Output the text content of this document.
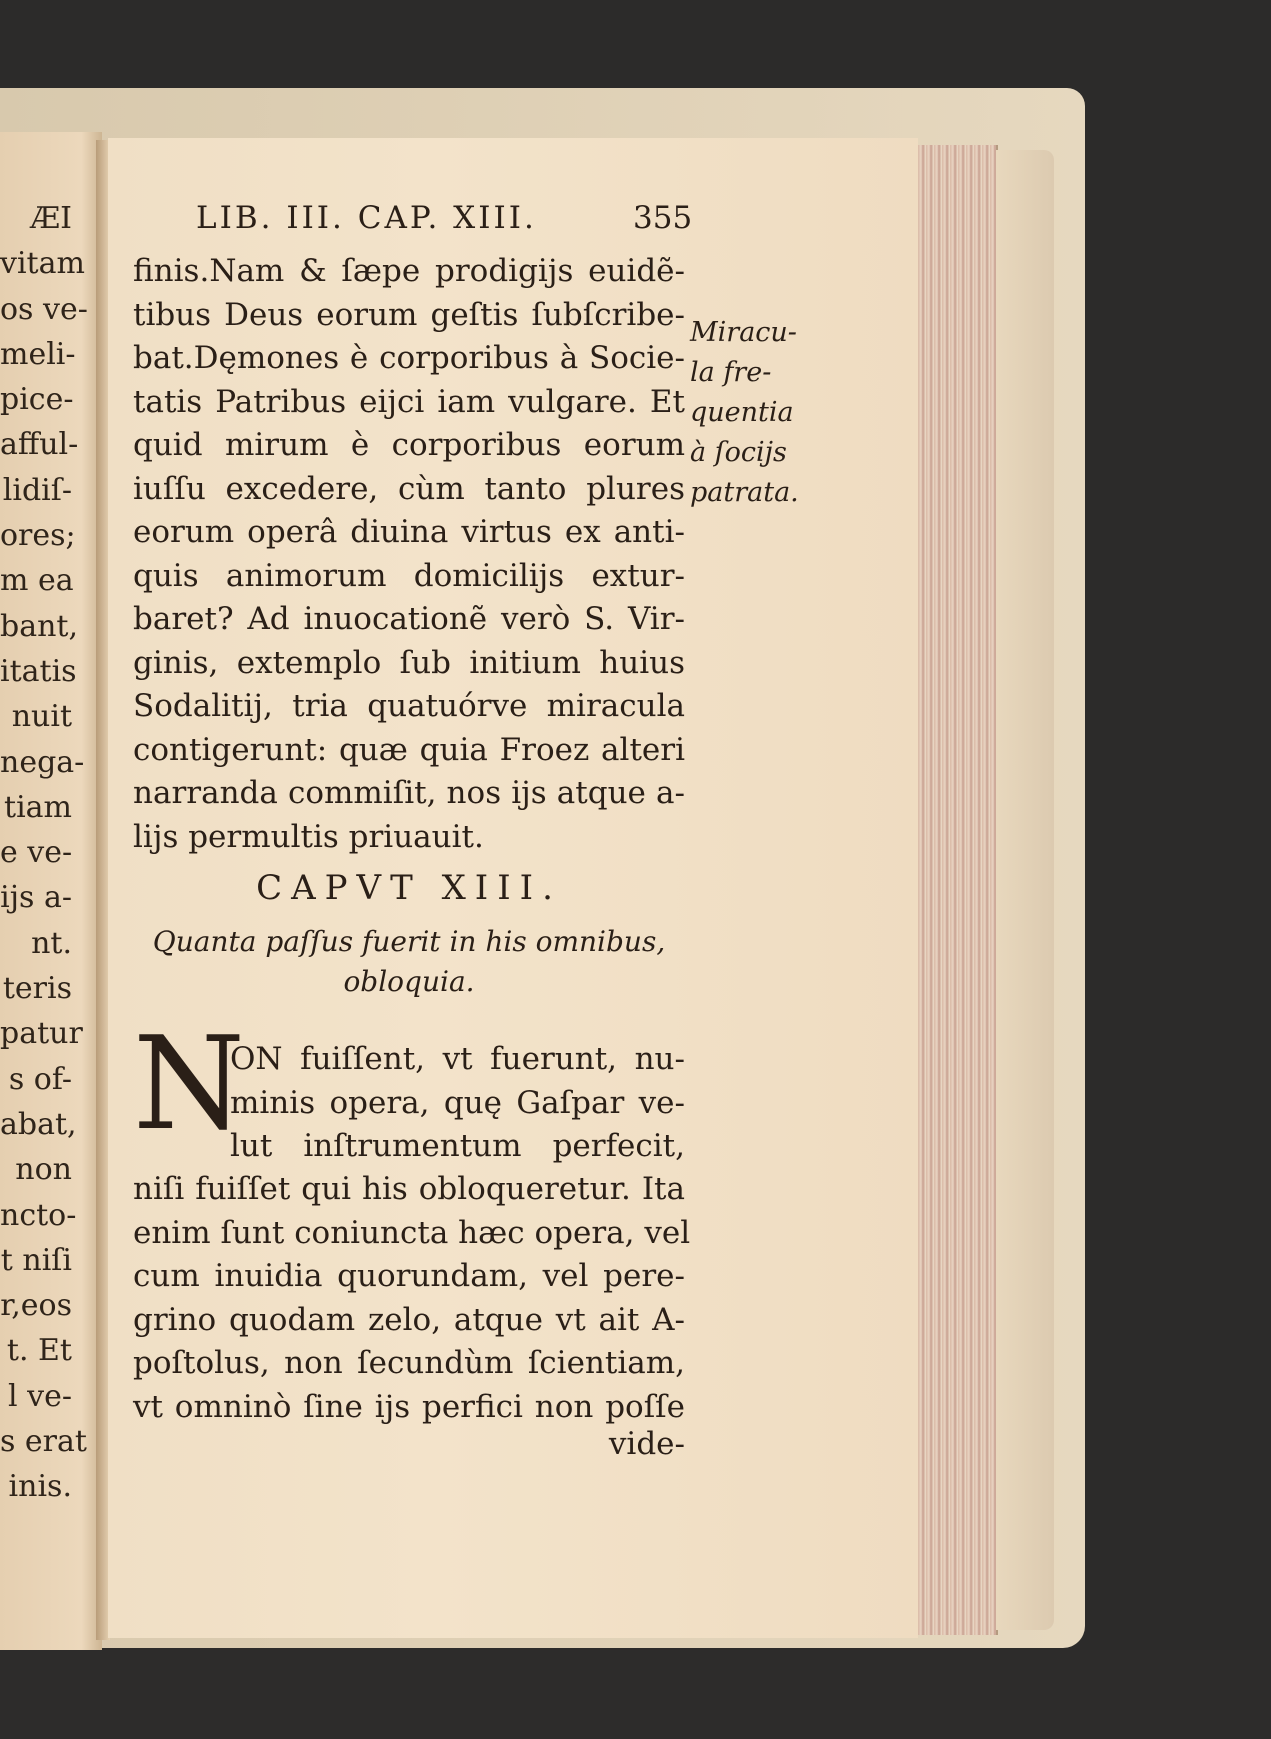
ÆI
vitam
os ve-
meli-
pice-
afful-
lidiſ-
ores;
m ea
bant,
itatis
nuit
nega-
tiam
e ve-
ijs a-
nt.
teris
patur
s of-
abat,
non
ncto-
t niſi
r,eos
t. Et
l ve-
s erat
inis.
LIB. III. CAP. XIII.	355
finis.Nam & ſæpe prodigijs euidẽ-
tibus Deus eorum geſtis ſubſcribe-
bat.Dęmones è corporibus à Socie-
tatis Patribus eijci iam vulgare. Et
quid mirum è corporibus eorum
iuſſu excedere, cùm tanto plures
eorum operâ diuina virtus ex anti-
quis animorum domicilijs extur-
baret? Ad inuocationẽ verò S. Vir-
ginis, extemplo ſub initium huius
Sodalitij, tria quatuórve miracula
contigerunt: quæ quia Froez alteri
narranda commiſit, nos ijs atque a-
lijs permultis priuauit.
Miracu-
la fre-
quentia
à ſocijs
patrata.
CAPVT XIII.
Quanta paſſus fuerit in his omnibus,
obloquia.
N
ON fuiſſent, vt fuerunt, nu-
minis opera, quę Gaſpar ve-
lut inſtrumentum perfecit,
niſi fuiſſet qui his obloqueretur. Ita
enim ſunt coniuncta hæc opera, vel
cum inuidia quorundam, vel pere-
grino quodam zelo, atque vt ait A-
poſtolus, non ſecundùm ſcientiam,
vt omninò ſine ijs perfici non poſſe
vide-
